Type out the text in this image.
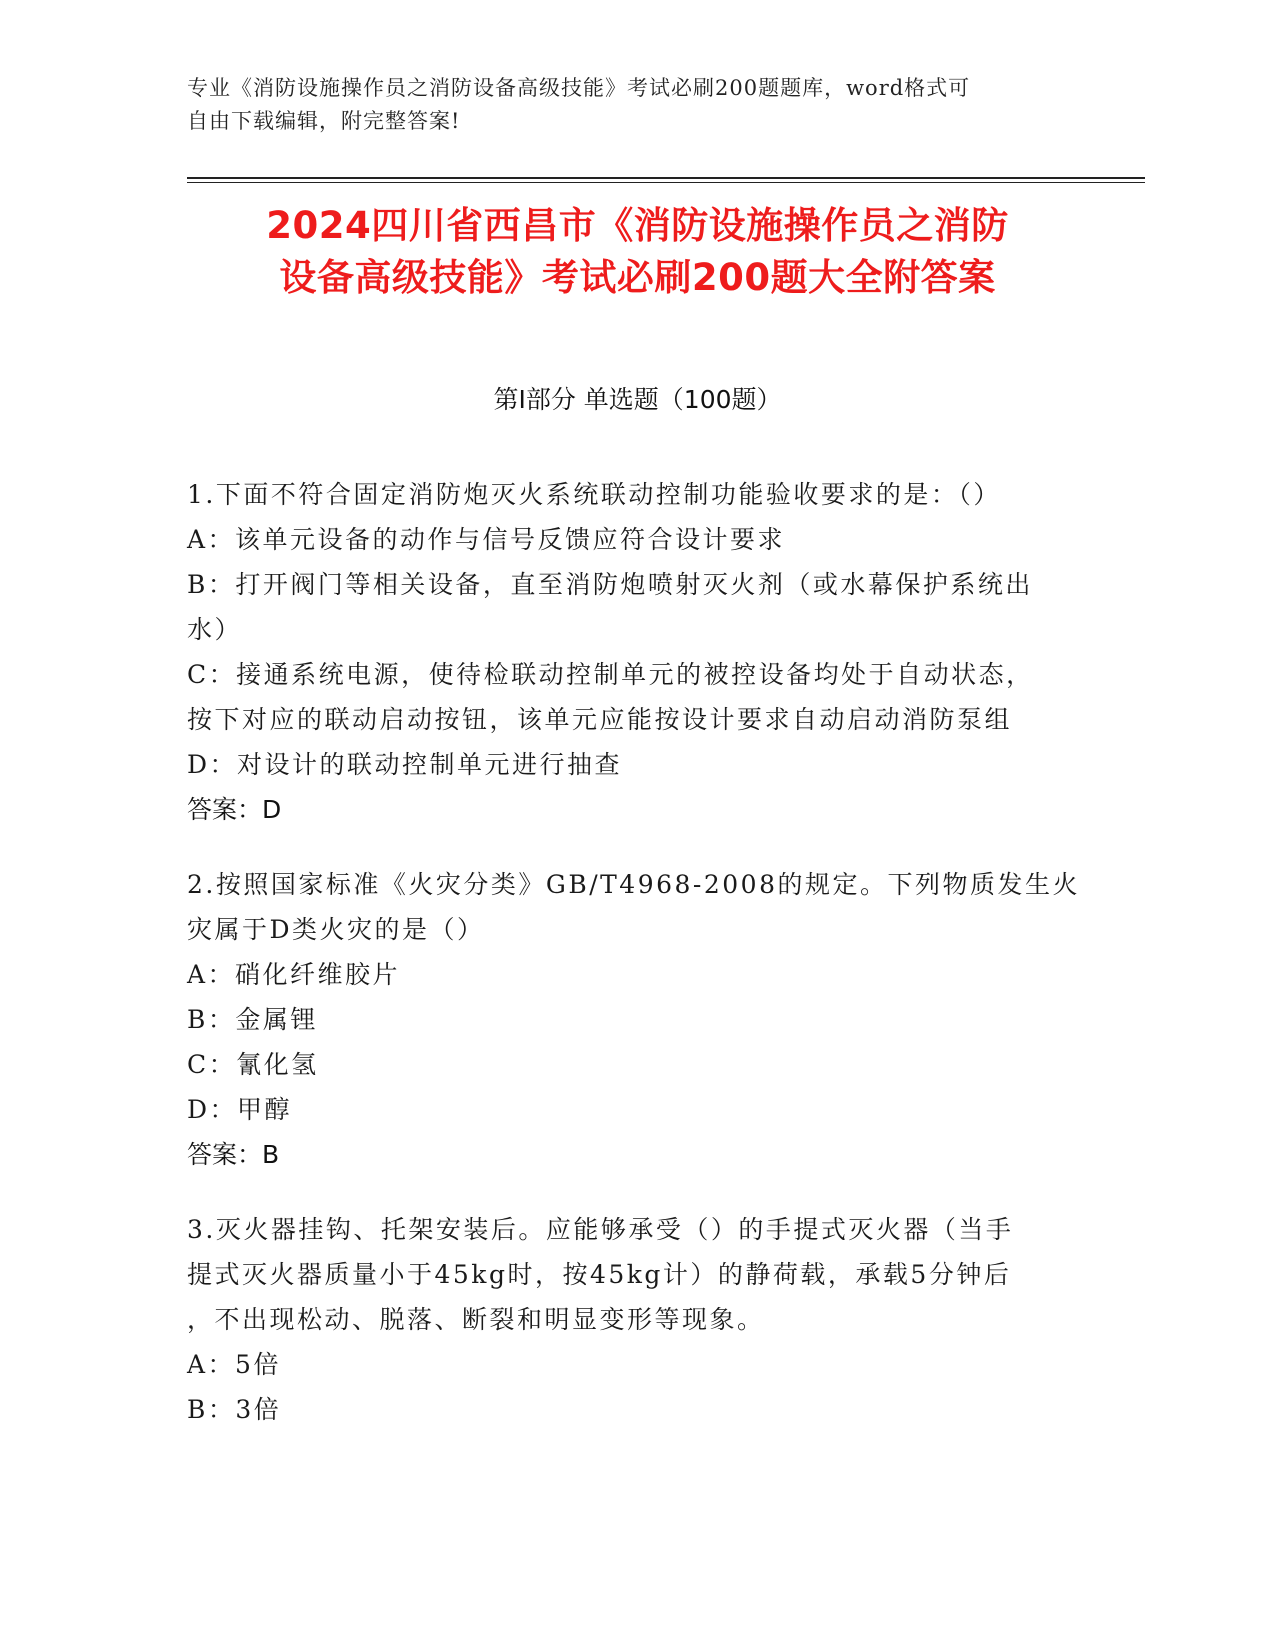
专业《消防设施操作员之消防设备高级技能》考试必刷200题题库，word格式可
自由下载编辑，附完整答案!
2024四川省西昌市《消防设施操作员之消防
设备高级技能》考试必刷200题大全附答案
第I部分 单选题（100题）
1.下面不符合固定消防炮灭火系统联动控制功能验收要求的是：（）
A：该单元设备的动作与信号反馈应符合设计要求
B：打开阀门等相关设备，直至消防炮喷射灭火剂（或水幕保护系统出
水）
C：接通系统电源，使待检联动控制单元的被控设备均处于自动状态，
按下对应的联动启动按钮，该单元应能按设计要求自动启动消防泵组
D：对设计的联动控制单元进行抽查
答案：D
2.按照国家标准《火灾分类》GB/T4968-2008的规定。下列物质发生火
灾属于D类火灾的是（）
A：硝化纤维胶片
B：金属锂
C：氰化氢
D：甲醇
答案：B
3.灭火器挂钩、托架安装后。应能够承受（）的手提式灭火器（当手
提式灭火器质量小于45kg时，按45kg计）的静荷载，承载5分钟后
，不出现松动、脱落、断裂和明显变形等现象。
A：5倍
B：3倍
